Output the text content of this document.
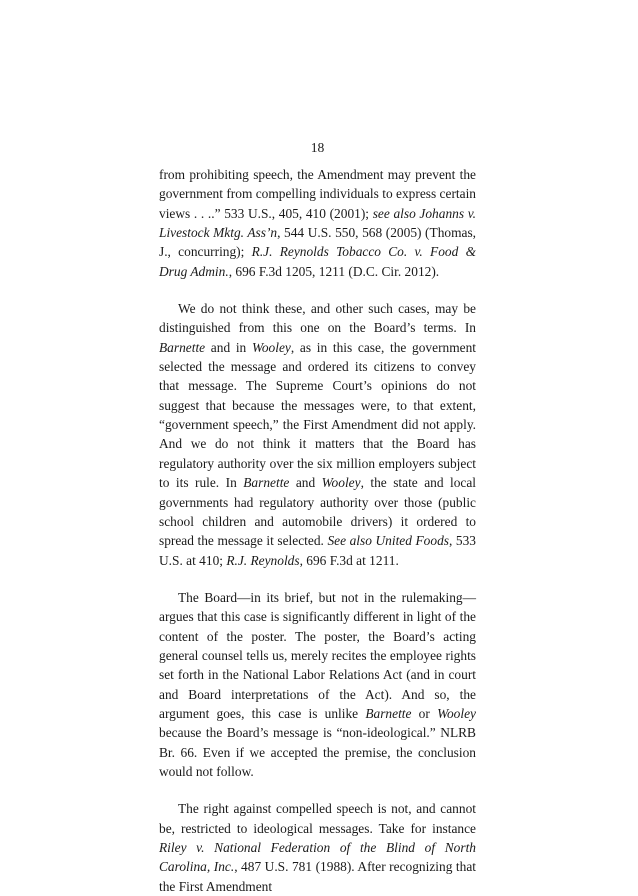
18

from prohibiting speech, the Amendment may prevent the government from compelling individuals to express certain views . . ..” 533 U.S., 405, 410 (2001); see also Johanns v. Livestock Mktg. Ass’n, 544 U.S. 550, 568 (2005) (Thomas, J., concurring); R.J. Reynolds Tobacco Co. v. Food & Drug Admin., 696 F.3d 1205, 1211 (D.C. Cir. 2012).

We do not think these, and other such cases, may be distinguished from this one on the Board’s terms. In Barnette and in Wooley, as in this case, the government selected the message and ordered its citizens to convey that message. The Supreme Court’s opinions do not suggest that because the messages were, to that extent, “government speech,” the First Amendment did not apply. And we do not think it matters that the Board has regulatory authority over the six million employers subject to its rule. In Barnette and Wooley, the state and local governments had regulatory authority over those (public school children and automobile drivers) it ordered to spread the message it selected. See also United Foods, 533 U.S. at 410; R.J. Reynolds, 696 F.3d at 1211.

The Board—in its brief, but not in the rulemaking—argues that this case is significantly different in light of the content of the poster. The poster, the Board’s acting general counsel tells us, merely recites the employee rights set forth in the National Labor Relations Act (and in court and Board interpretations of the Act). And so, the argument goes, this case is unlike Barnette or Wooley because the Board’s message is “non-ideological.” NLRB Br. 66. Even if we accepted the premise, the conclusion would not follow.

The right against compelled speech is not, and cannot be, restricted to ideological messages. Take for instance Riley v. National Federation of the Blind of North Carolina, Inc., 487 U.S. 781 (1988). After recognizing that the First Amendment
